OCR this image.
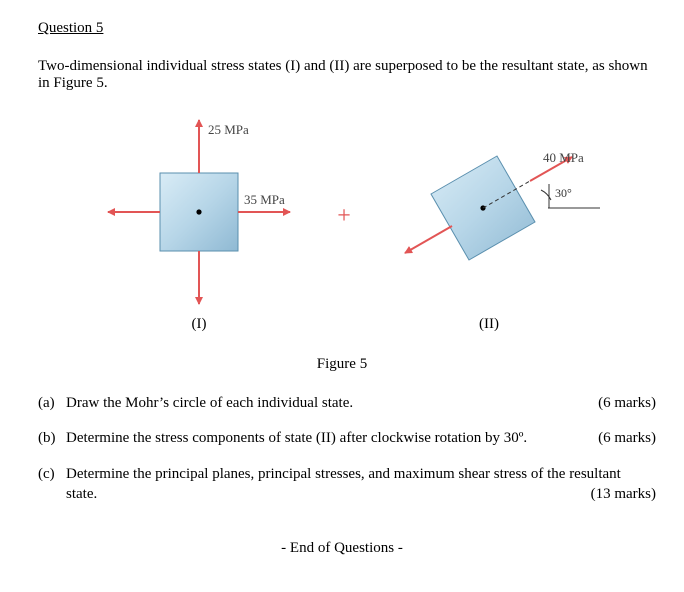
Question 5
Two-dimensional individual stress states (I) and (II) are superposed to be the resultant state, as shown in Figure 5.
25 MPa
35 MPa
+
40 MPa
30°
(I)	(II)
Figure 5
(a) Draw the Mohr’s circle of each individual state.	(6 marks)
(b) Determine the stress components of state (II) after clockwise rotation by 30º.	(6 marks)
(c) Determine the principal planes, principal stresses, and maximum shear stress of the resultant
state.	(13 marks)
- End of Questions -
